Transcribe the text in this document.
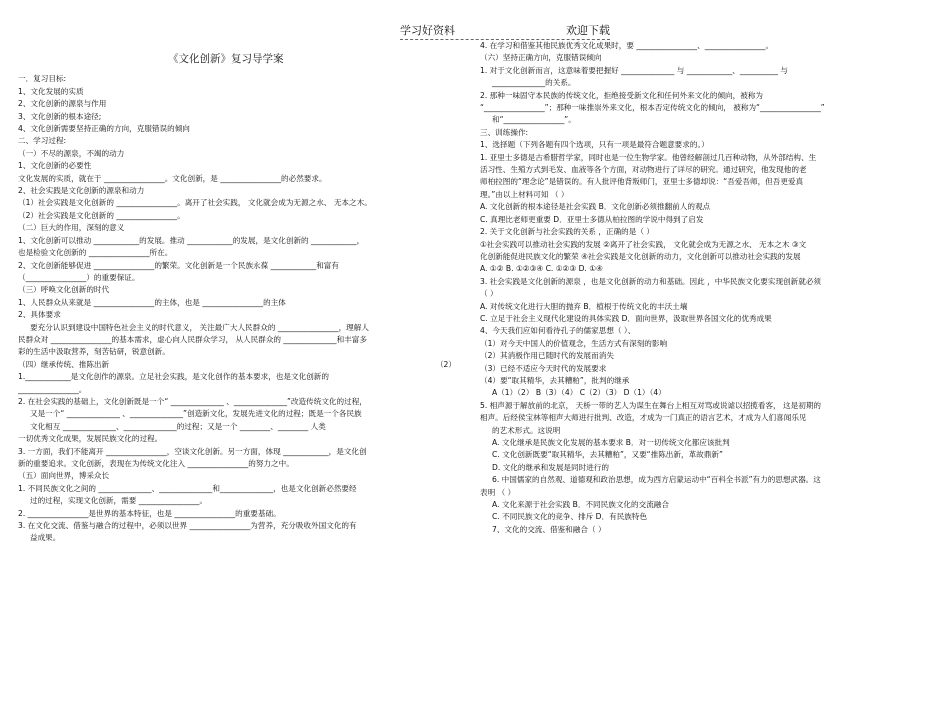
学习好资料	欢迎下载
《文化创新》复习导学案
一．复习目标:
1、文化发展的实质
2、文化创新的源泉与作用
3、文化创新的根本途径;
4、文化创新需要坚持正确的方向，克服错误的倾向
二、学习过程:
（一）不尽的源泉，不竭的动力
1、文化创新的必要性
文化发展的实质，就在于 ________________。文化创新，是 ________________的必然要求。
2、社会实践是文化创新的源泉和动力
（1）社会实践是文化创新的 ________________。离开了社会实践， 文化就会成为无源之水、 无本之木。
（2）社会实践是文化创新的 ________________。
（二）巨大的作用，深刻的意义
1、文化创新可以推动 ____________的发展。推动 ____________的发展，是文化创新的 ____________，
也是检验文化创新的 ________________所在。
2、文化创新能够促进 ________________的繁荣。文化创新是一个民族永葆 ____________和富有
（________________）的重要保证。
（三）呼唤文化创新的时代
1、人民群众从来就是 ________________的主体，也是 ________________的主体
2、具体要求
要充分认识到建设中国特色社会主义的时代意义， 关注最广大人民群众的 ________________，理解人
民群众对 ________________的基本需求，虚心向人民群众学习， 从人民群众的 ______________和丰富多
彩的生活中汲取营养，刻苦钻研，锐意创新。
（四）继承传统、推陈出新	（2）
1.____________是文化创作的源泉。立足社会实践，是文化创作的基本要求，也是文化创新的
________________。
2. 在社会实践的基础上，文化创新既是一个“ ______________ 、______________”改造传统文化的过程，
又是一个“ ______________ 、______________”创造新文化，发展先进文化的过程；既是一个各民族
文化相互 ______________、______________的过程；又是一个 ________、________ 人类
一切优秀文化成果，发展民族文化的过程。
3. 一方面，我们不能离开 ________________，空谈文化创新。另一方面，体现 ____________，是文化创
新的重要追求。文化创新，表现在为传统文化注入 ________________的努力之中。
（五）面向世界，博采众长
1. 不同民族文化之间的 ______________、______________和______________，也是文化创新必然要经
过的过程，实现文化创新，需要 ________________。
2. ________________是世界的基本特征，也是 ________________的重要基础。
3. 在文化交流、借鉴与融合的过程中，必须以世界 ________________为营养，充分吸收外国文化的有
益成果。
4. 在学习和借鉴其他民族优秀文化成果时，要 ________________、________________。
（六）坚持正确方向，克服错误倾向
1. 对于文化创新而言，这意味着要把握好 ______________ 与 ____________、__________ 与
______________的关系。
2. 那种一味固守本民族的传统文化，拒绝接受新文化和任何外来文化的倾向，被称为
“________________”；那种一味推崇外来文化，根本否定传统文化的倾向， 被称为“________________”
和“________________”。
三、训练操作:
1、选择题（下列各题有四个选项，只有一项是最符合题意要求的。）
1. 亚里士多德是古希腊哲学家，同时也是一位生物学家。他曾经解剖过几百种动物，从外部结构、生
活习性、生殖方式到毛发、血液等各个方面，对动物进行了详尽的研究。通过研究，他发现他的老
师柏拉图的“理念论”是错误的。有人批评他背叛师门，亚里士多德却说：“吾爱吾师，但吾更爱真
理。”由以上材料可知 （ ）
A. 文化创新的根本途径是社会实践 B．文化创新必须推翻前人的观点
C. 真理比老师更重要 D．亚里士多德从柏拉图的学说中得到了启发
2. 关于文化创新与社会实践的关系 ，正确的是（ ）
①社会实践可以推动社会实践的发展 ②离开了社会实践， 文化就会成为无源之水、 无本之木 ③文
化创新能促进民族文化的繁荣 ④社会实践是文化创新的动力，文化创新可以推动社会实践的发展
A. ①② B. ①②③④ C. ①②③ D. ①④
3. 社会实践是文化创新的源泉 ，也是文化创新的动力和基础。因此 ，中华民族文化要实现创新就必须
（ ）
A. 对传统文化进行大胆的抛弃 B．植根于传统文化的丰沃土壤
C. 立足于社会主义现代化建设的具体实践 D．面向世界，汲取世界各国文化的优秀成果
4、今天我们应如何看待孔子的儒家思想（ ）、
（1）对今天中国人的价值观念，生活方式有深刻的影响
（2）其消极作用已随时代的发展而消失
（3）已经不适应今天时代的发展要求
（4）要“取其精华，去其糟粕”，批判的继承
A（1）（2） B（3）（4） C（2）（3） D（1）（4）
5. 相声源于解放前的北京， 天桥一带的艺人为谋生在舞台上相互对骂或说谑以招揽看客， 这是初期的
相声。后经侯宝林等相声大师进行批判、改造，才成为一门真正的语言艺术，才成为人们喜闻乐见
的艺术形式。这说明
A. 文化继承是民族文化发展的基本要求 B．对一切传统文化都应该批判
C. 文化创新既要“取其精华，去其糟粕”，又要“推陈出新，革故鼎新”
D. 文化的继承和发展是同时进行的
6. 中国儒家的自然观、道德观和政治思想，成为西方启蒙运动中“百科全书派”有力的思想武器。这
表明 （ ）
A. 文化来源于社会实践 B．不同民族文化的交流融合
C. 不同民族文化的竞争、排斥 D．有民族特色
7、文化的交流、借鉴和融合（ ）
